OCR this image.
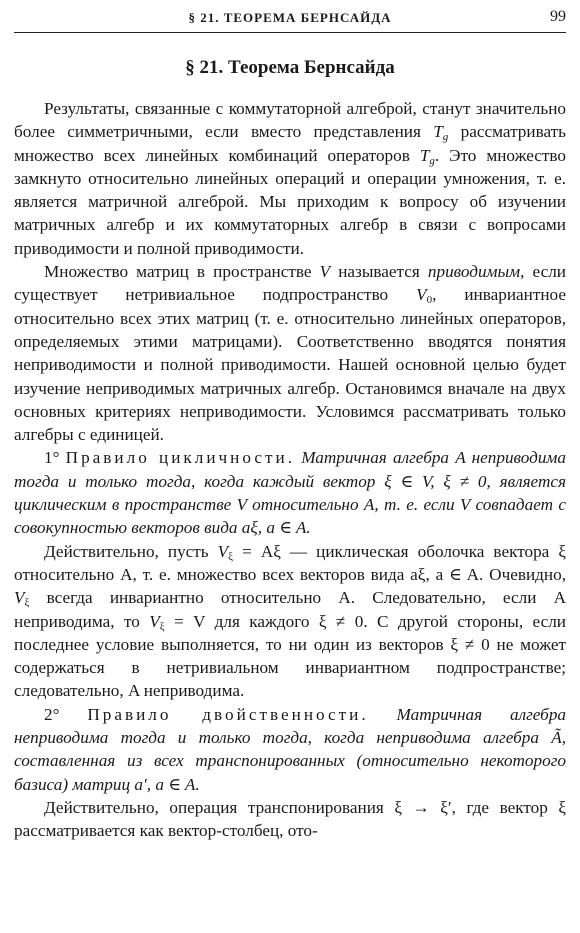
§ 21. ТЕОРЕМА БЕРНСАЙДА	99
§ 21. Теорема Бернсайда

Результаты, связанные с коммутаторной алгеброй, станут значительно более симметричными, если вместо представления $T_g$ рассматривать множество всех линейных комбинаций операторов $T_g$. Это множество замкнуто относительно линейных операций и операции умножения, т. е. является матричной алгеброй. Мы приходим к вопросу об изучении матричных алгебр и их коммутаторных алгебр в связи с вопросами приводимости и полной приводимости.

Множество матриц в пространстве V называется приводимым, если существует нетривиальное подпространство $V_0$, инвариантное относительно всех этих матриц (т. е. относительно линейных операторов, определяемых этими матрицами). Соответственно вводятся понятия неприводимости и полной приводимости. Нашей основной целью будет изучение неприводимых матричных алгебр. Остановимся вначале на двух основных критериях неприводимости. Условимся рассматривать только алгебры с единицей.

1° Правило цикличности. Матричная алгебра A неприводима тогда и только тогда, когда каждый вектор ξ ∈ V, ξ ≠ 0, является циклическим в пространстве V относительно A, т. е. если V совпадает с совокупностью векторов вида aξ, a ∈ A.

Действительно, пусть $V_\xi = A\xi$ — циклическая оболочка вектора ξ относительно A, т. е. множество всех векторов вида aξ, a ∈ A. Очевидно, $V_\xi$ всегда инвариантно относительно A. Следовательно, если A неприводима, то $V_\xi = V$ для каждого ξ ≠ 0. С другой стороны, если последнее условие выполняется, то ни один из векторов ξ ≠ 0 не может содержаться в нетривиальном инвариантном подпространстве; следовательно, A неприводима.

2° Правило двойственности. Матричная алгебра неприводима тогда и только тогда, когда неприводима алгебра Ã, составленная из всех транспонированных (относительно некоторого базиса) матриц a′, a ∈ A.

Действительно, операция транспонирования ξ → ξ′, где вектор ξ рассматривается как вектор-столбец, ото-
